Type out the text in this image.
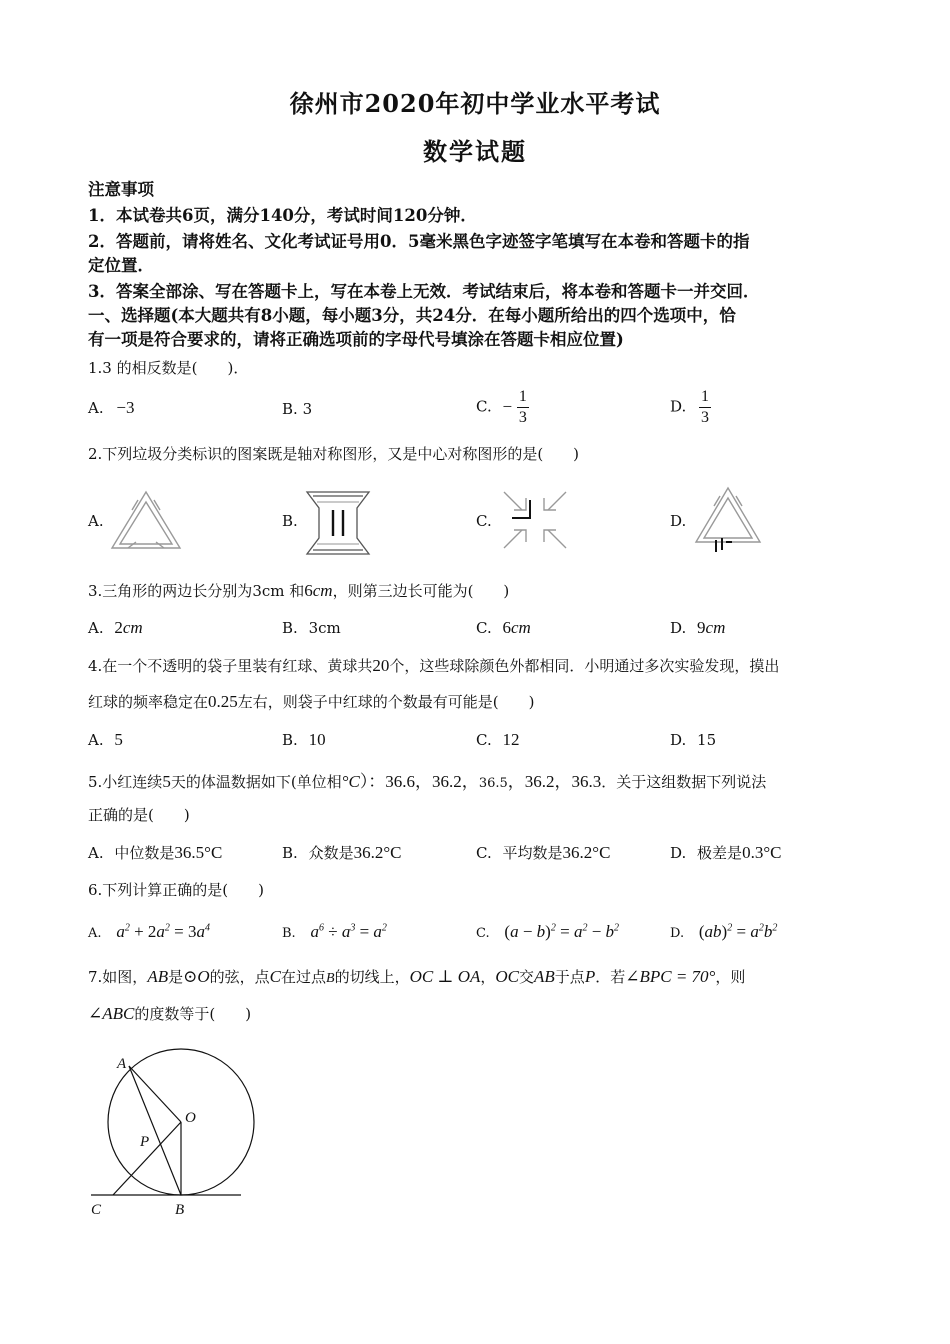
徐州市2020年初中学业水平考试
数学试题
注意事项
1．本试卷共6页，满分140分，考试时间120分钟．
2．答题前，请将姓名、文化考试证号用0．5毫米黑色字迹签字笔填写在本卷和答题卡的指
定位置．
3．答案全部涂、写在答题卡上，写在本卷上无效．考试结束后，将本卷和答题卡一并交回．
一、选择题(本大题共有8小题，每小题3分，共24分．在每小题所给出的四个选项中，恰
有一项是符合要求的，请将正确选项前的字母代号填涂在答题卡相应位置)
1.3 的相反数是(　　)．
A. −3	B. 3	C. − $\frac{1}{3}$	D. $\frac{1}{3}$
2.下列垃圾分类标识的图案既是轴对称图形，又是中心对称图形的是(　　)
A.	B.	C.	D.
3.三角形的两边长分别为3cm 和6cm，则第三边长可能为(　　)
A. 2cm	B. 3cm	C. 6cm	D. 9cm
4.在一个不透明的袋子里装有红球、黄球共20个，这些球除颜色外都相同．小明通过多次实验发现，摸出
红球的频率稳定在0.25左右，则袋子中红球的个数最有可能是(　　)
A. 5	B. 10	C. 12	D. 15
5.小红连续5天的体温数据如下(单位相°C）：36.6，36.2，36.5，36.2，36.3．关于这组数据下列说法
正确的是(　　)
A. 中位数是36.5°C	B. 众数是36.2°C	C. 平均数是36.2°C	D. 极差是0.3°C
6.下列计算正确的是(　　)
A. $a^2 + 2a^2 = 3a^4$	B. $a^6 \div a^3 = a^2$	C. $(a - b)^2 = a^2 - b^2$	D. $(ab)^2 = a^2b^2$
7.如图，AB是⊙O的弦，点C在过点B的切线上，OC ⊥ OA，OC交AB于点P．若∠BPC = 70°，则
∠ABC的度数等于(　　)
A
O
P
C	B
